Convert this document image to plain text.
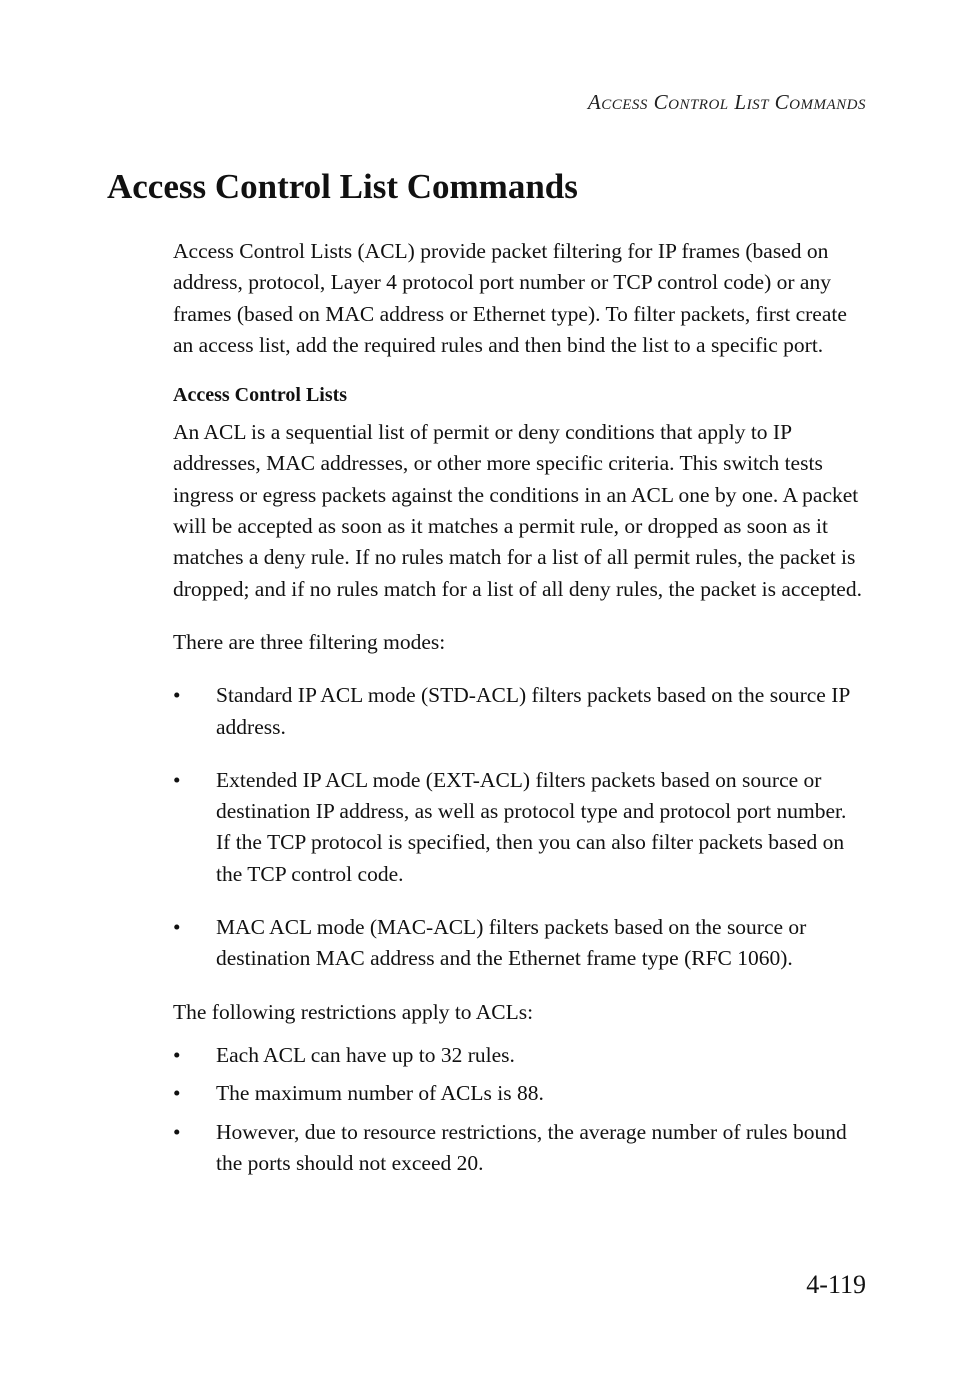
Access Control List Commands
Access Control List Commands

Access Control Lists (ACL) provide packet filtering for IP frames (based on address, protocol, Layer 4 protocol port number or TCP control code) or any frames (based on MAC address or Ethernet type). To filter packets, first create an access list, add the required rules and then bind the list to a specific port.

Access Control Lists

An ACL is a sequential list of permit or deny conditions that apply to IP addresses, MAC addresses, or other more specific criteria. This switch tests ingress or egress packets against the conditions in an ACL one by one. A packet will be accepted as soon as it matches a permit rule, or dropped as soon as it matches a deny rule. If no rules match for a list of all permit rules, the packet is dropped; and if no rules match for a list of all deny rules, the packet is accepted.

There are three filtering modes:

•	Standard IP ACL mode (STD-ACL) filters packets based on the source IP address.
•	Extended IP ACL mode (EXT-ACL) filters packets based on source or destination IP address, as well as protocol type and protocol port number. If the TCP protocol is specified, then you can also filter packets based on the TCP control code.
•	MAC ACL mode (MAC-ACL) filters packets based on the source or destination MAC address and the Ethernet frame type (RFC 1060).

The following restrictions apply to ACLs:

•	Each ACL can have up to 32 rules.
•	The maximum number of ACLs is 88.
•	However, due to resource restrictions, the average number of rules bound the ports should not exceed 20.
4-119
